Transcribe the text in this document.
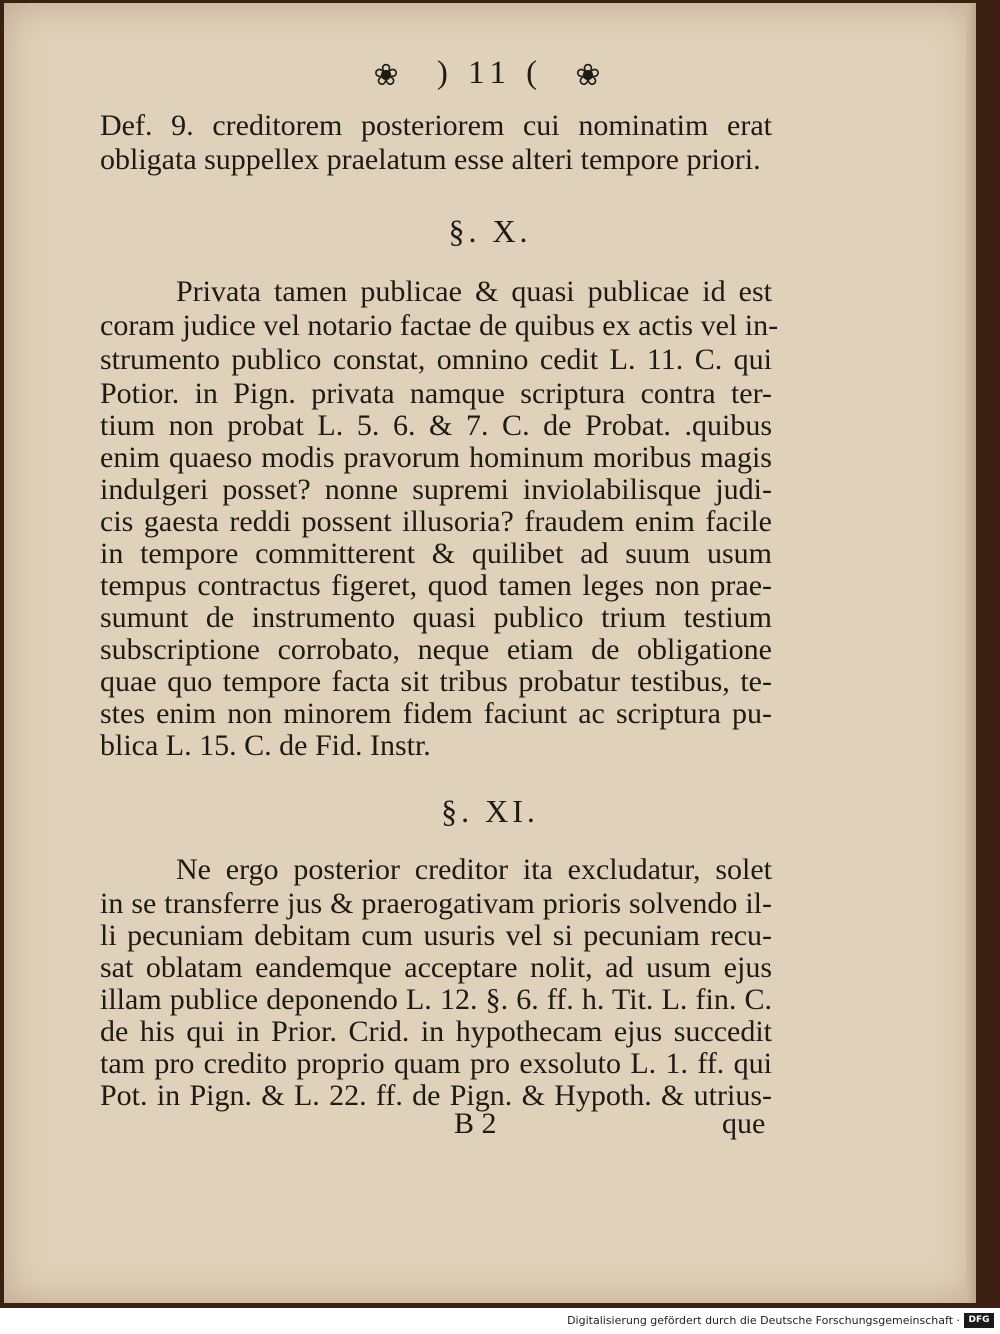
❀ ) 11 ( ❀
Def. 9. creditorem posteriorem cui nominatim erat
obligata suppellex praelatum esse alteri tempore priori.
§. X.
Privata tamen publicae & quasi publicae id est
coram judice vel notario factae de quibus ex actis vel in-
strumento publico constat, omnino cedit L. 11. C. qui
Potior. in Pign. privata namque scriptura contra ter-
tium non probat L. 5. 6. & 7. C. de Probat. .quibus
enim quaeso modis pravorum hominum moribus magis
indulgeri posset? nonne supremi inviolabilisque judi-
cis gaesta reddi possent illusoria? fraudem enim facile
in tempore committerent & quilibet ad suum usum
tempus contractus figeret, quod tamen leges non prae-
sumunt de instrumento quasi publico trium testium
subscriptione corrobato, neque etiam de obligatione
quae quo tempore facta sit tribus probatur testibus, te-
stes enim non minorem fidem faciunt ac scriptura pu-
blica L. 15. C. de Fid. Instr.
§. XI.
Ne ergo posterior creditor ita excludatur, solet
in se transferre jus & praerogativam prioris solvendo il-
li pecuniam debitam cum usuris vel si pecuniam recu-
sat oblatam eandemque acceptare nolit, ad usum ejus
illam publice deponendo L. 12. §. 6. ff. h. Tit. L. fin. C.
de his qui in Prior. Crid. in hypothecam ejus succedit
tam pro credito proprio quam pro exsoluto L. 1. ff. qui
Pot. in Pign. & L. 22. ff. de Pign. & Hypoth. & utrius-
B 2	que
Digitalisierung gefördert durch die Deutsche Forschungsgemeinschaft · DFG
